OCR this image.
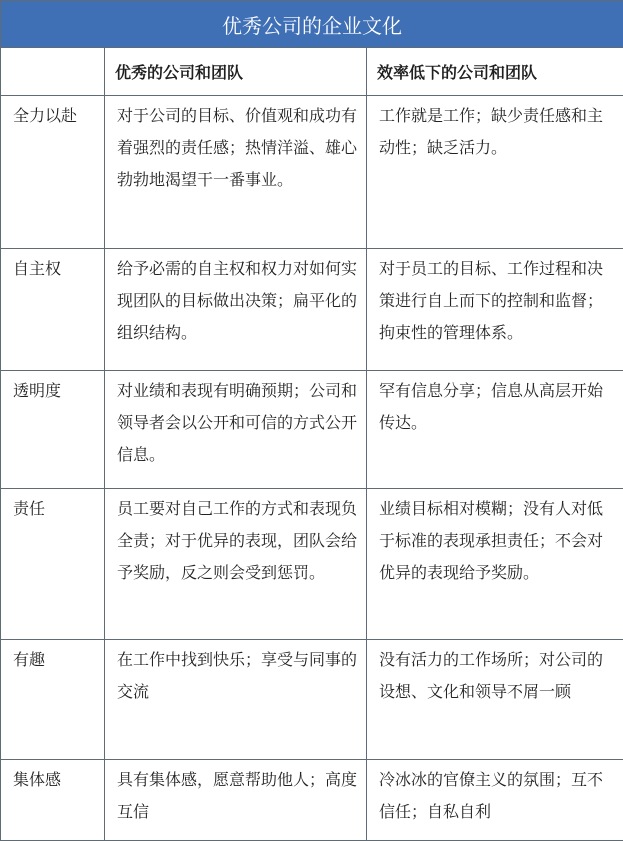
优秀公司的企业文化		
	优秀的公司和团队	效率低下的公司和团队
全力以赴	对于公司的目标、价值观和成功有着强烈的责任感；热情洋溢、雄心勃勃地渴望干一番事业。	工作就是工作；缺少责任感和主动性；缺乏活力。
自主权	给予必需的自主权和权力对如何实现团队的目标做出决策；扁平化的组织结构。	对于员工的目标、工作过程和决策进行自上而下的控制和监督；拘束性的管理体系。
透明度	对业绩和表现有明确预期；公司和领导者会以公开和可信的方式公开信息。	罕有信息分享；信息从高层开始传达。
责任	员工要对自己工作的方式和表现负全责；对于优异的表现，团队会给予奖励，反之则会受到惩罚。	业绩目标相对模糊；没有人对低于标准的表现承担责任；不会对优异的表现给予奖励。
有趣	在工作中找到快乐；享受与同事的交流	没有活力的工作场所；对公司的设想、文化和领导不屑一顾
集体感	具有集体感，愿意帮助他人；高度互信	冷冰冰的官僚主义的氛围；互不信任；自私自利
